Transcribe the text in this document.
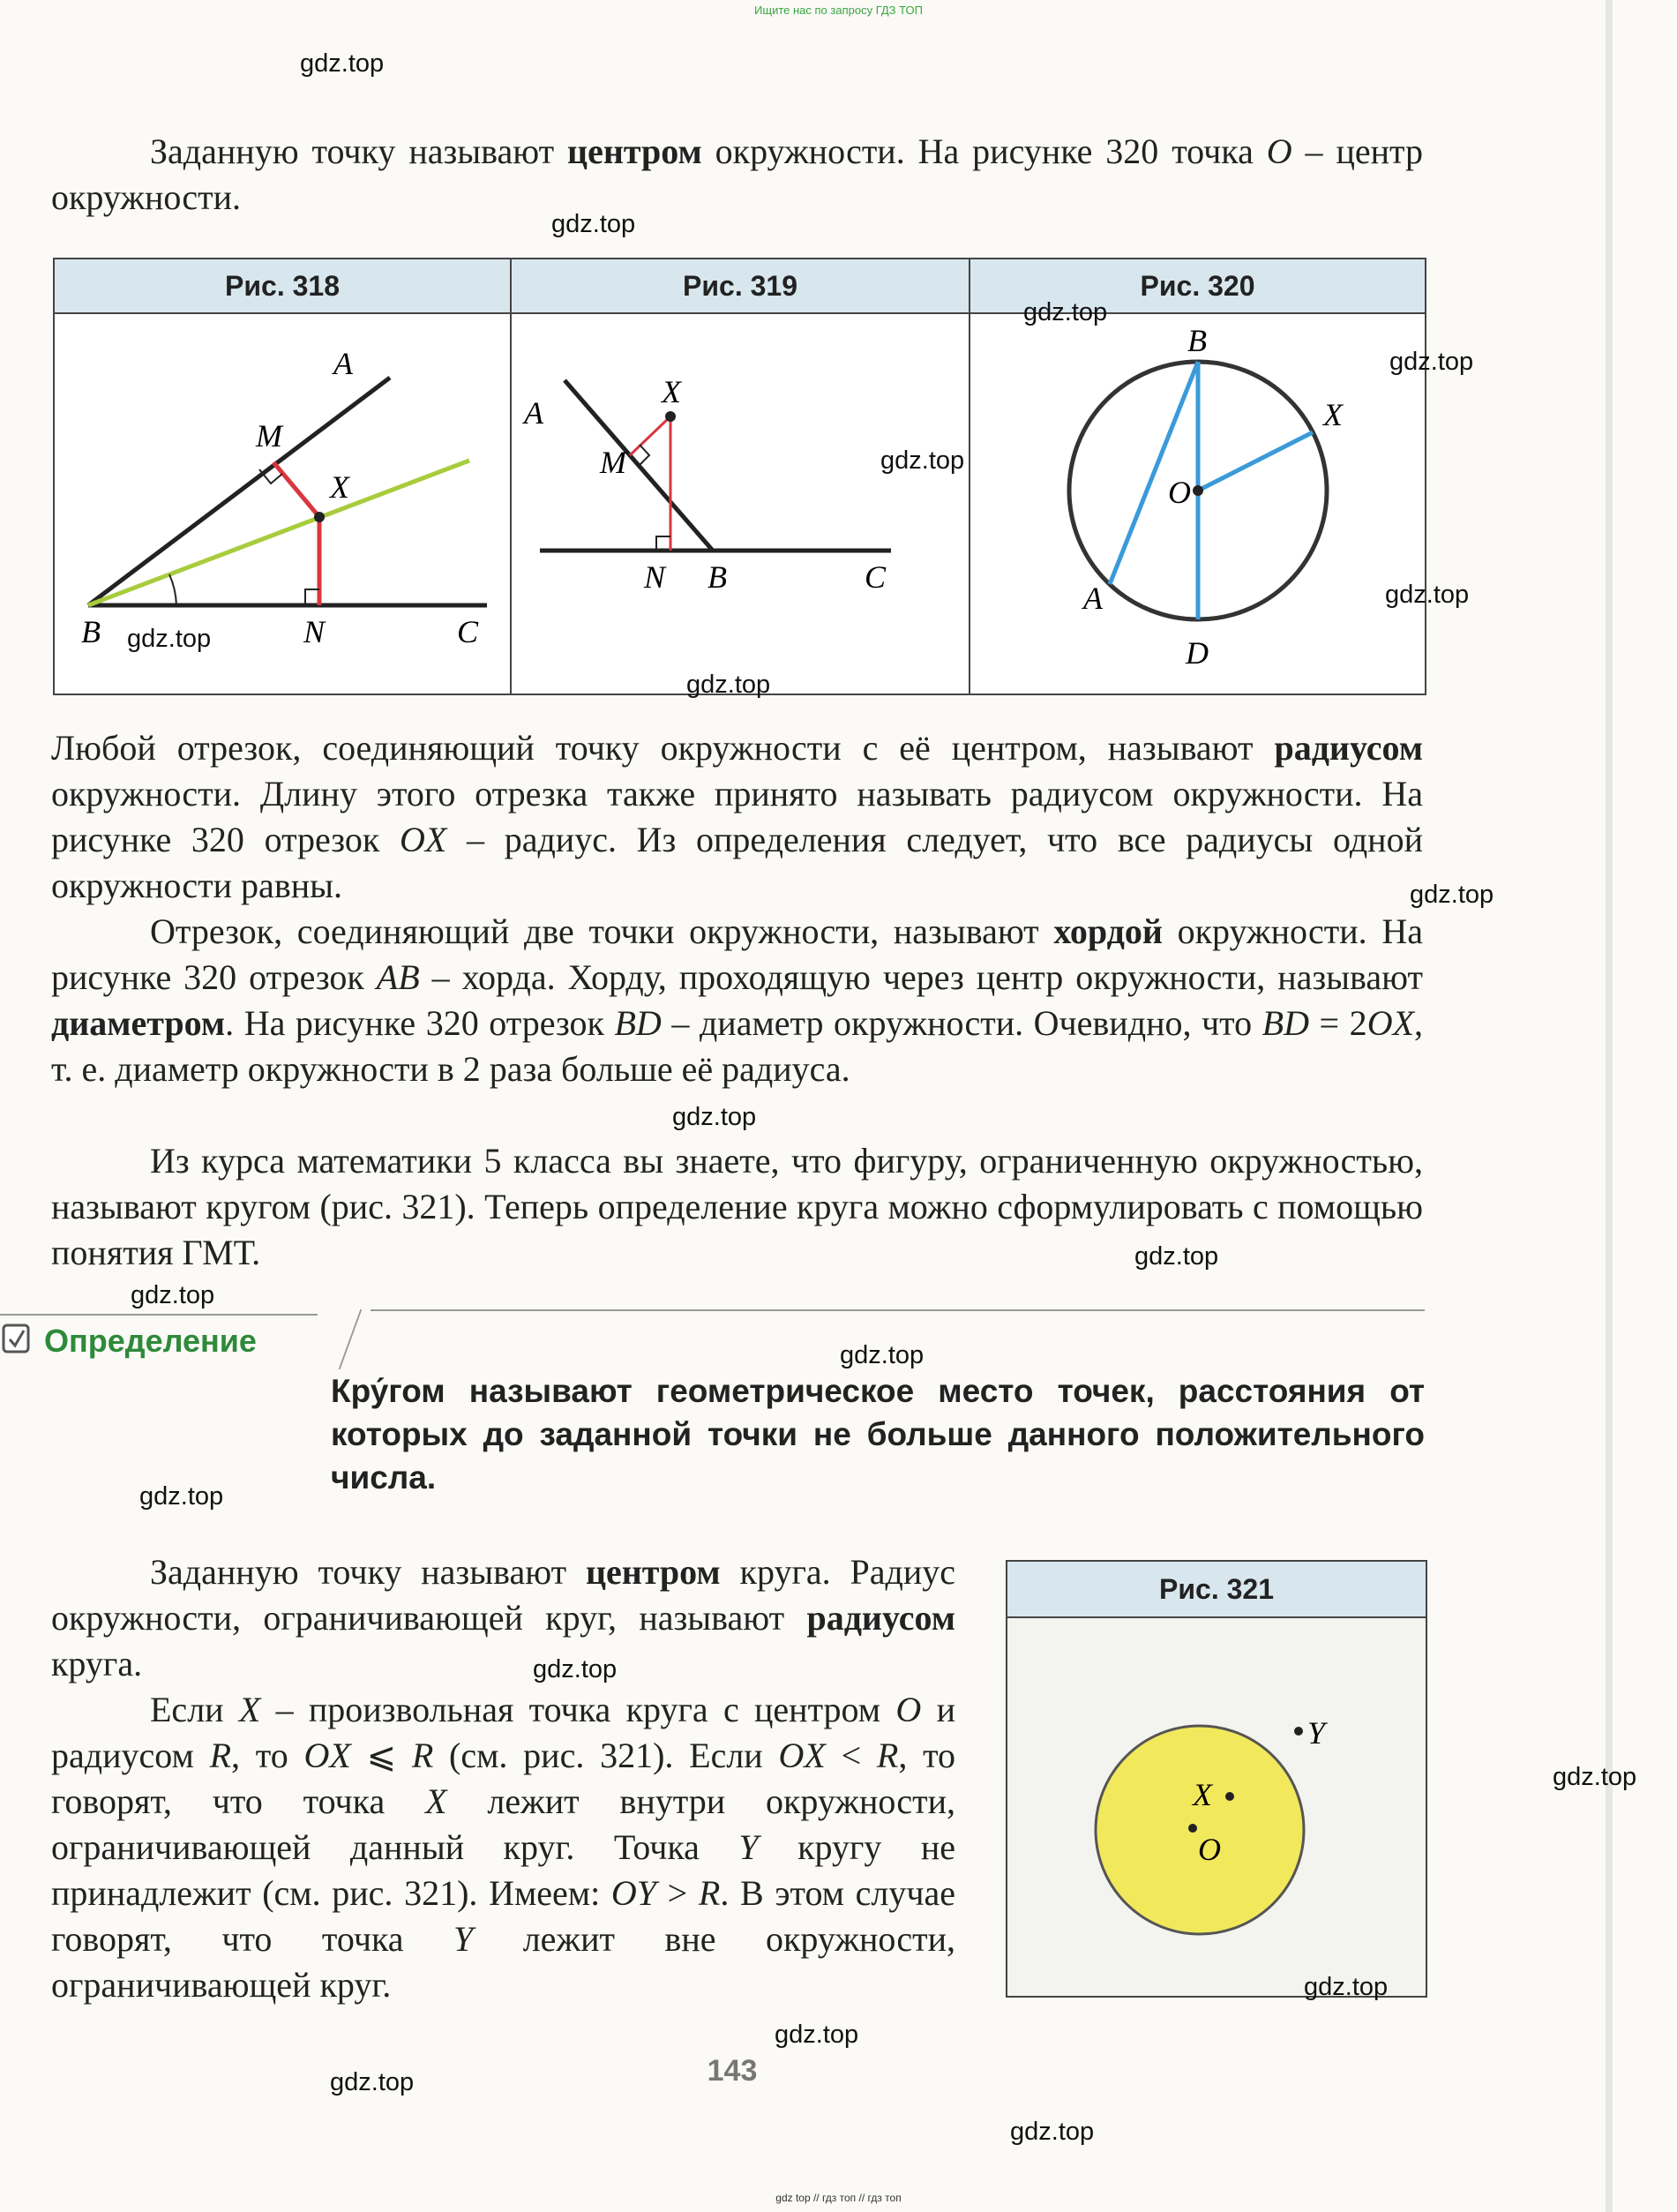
Ищите нас по запросу ГДЗ ТОП

Заданную точку называют центром окружности. На рисунке 320 точка O – центр окружности.

Рис. 318	Рис. 319	Рис. 320
A
M
X
B	N	C
A
X
M
N B	C
B
X
O
A
D

Любой отрезок, соединяющий точку окружности с её центром, называют радиусом окружности. Длину этого отрезка также принято называть радиусом окружности. На рисунке 320 отрезок OX – радиус. Из определения следует, что все радиусы одной окружности равны.

Отрезок, соединяющий две точки окружности, называют хордой окружности. На рисунке 320 отрезок AB – хорда. Хорду, проходящую через центр окружности, называют диаметром. На рисунке 320 отрезок BD – диаметр окружности. Очевидно, что BD = 2OX, т. е. диаметр окружности в 2 раза больше её радиуса.

Из курса математики 5 класса вы знаете, что фигуру, ограниченную окружностью, называют кругом (рис. 321). Теперь определение круга можно сформулировать с помощью понятия ГМТ.

Определение
Кру́гом называют геометрическое место точек, расстояния от которых до заданной точки не больше данного положительного числа.

Заданную точку называют центром круга. Радиус окружности, ограничивающей круг, называют радиусом круга.

Если X – произвольная точка круга с центром O и радиусом R, то OX ⩽ R (см. рис. 321). Если OX < R, то говорят, что точка X лежит внутри окружности, ограничивающей данный круг. Точка Y кругу не принадлежит (см. рис. 321). Имеем: OY > R. В этом случае говорят, что точка Y лежит вне окружности, ограничивающей круг.

Рис. 321
Y
X
O
143
gdz.top
gdz.top
gdz.top
gdz.top
gdz.top
gdz.top
gdz.top
gdz.top
gdz.top
gdz.top
gdz.top
gdz.top
gdz.top
gdz.top
gdz.top
gdz.top
gdz.top
gdz.top
gdz.top
gdz.top
gdz top // гдз топ // гдз топ
